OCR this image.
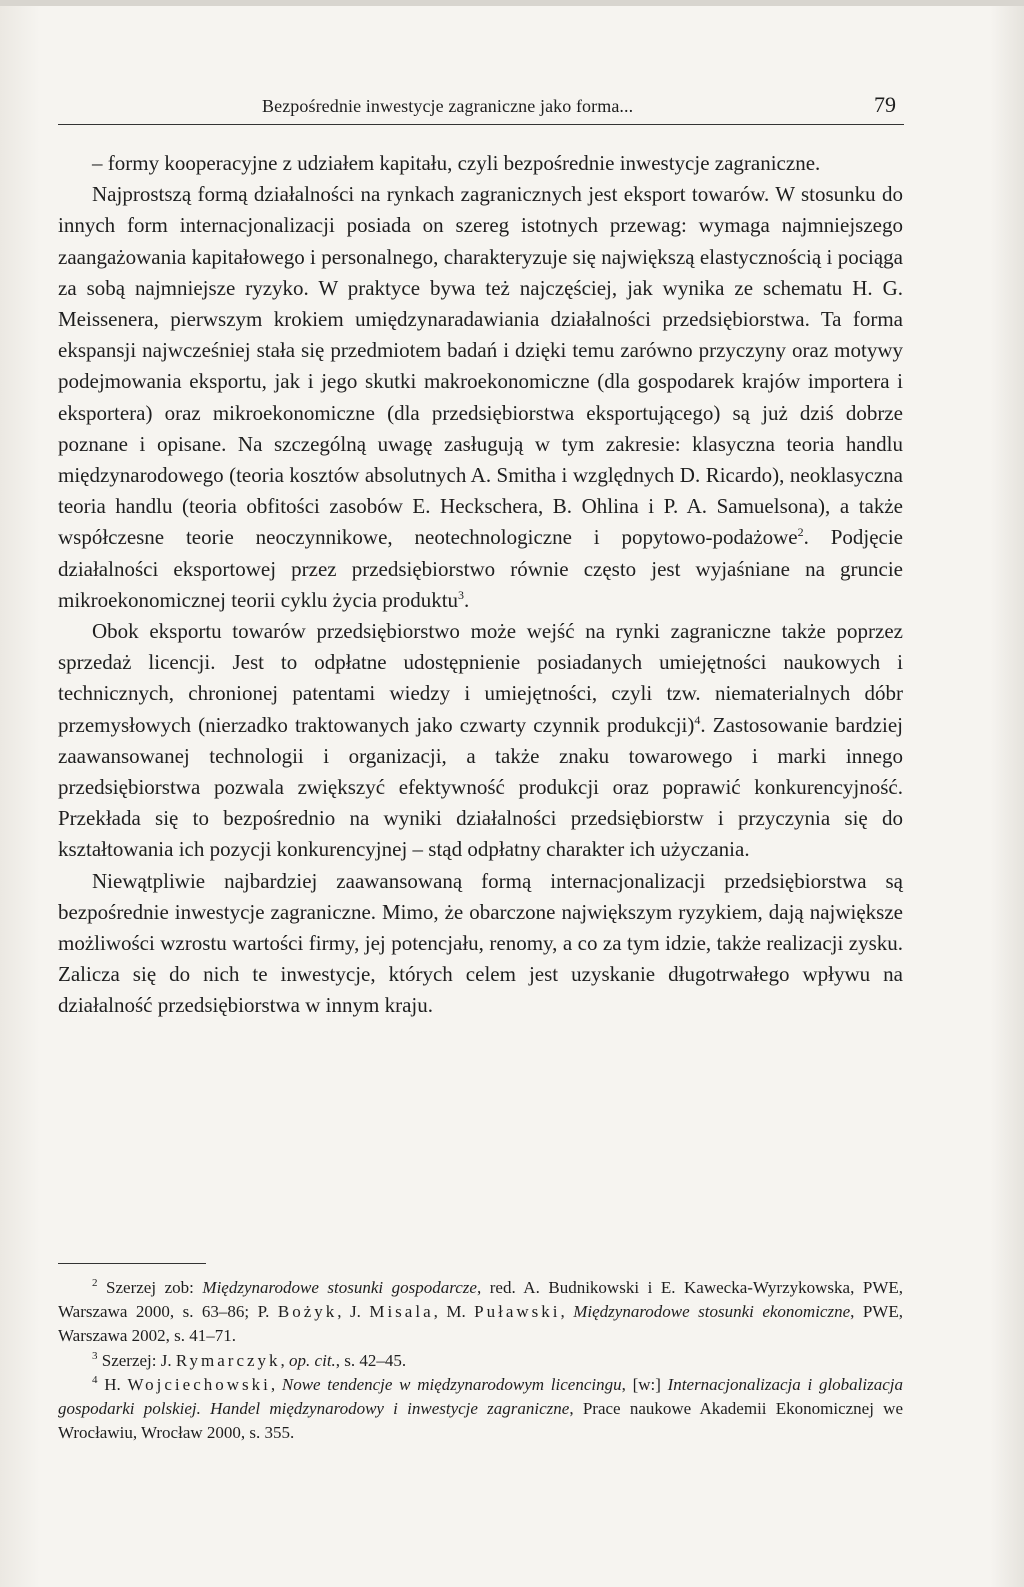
Bezpośrednie inwestycje zagraniczne jako forma...	79

– formy kooperacyjne z udziałem kapitału, czyli bezpośrednie inwestycje zagraniczne.

Najprostszą formą działalności na rynkach zagranicznych jest eksport towarów. W stosunku do innych form internacjonalizacji posiada on szereg istotnych przewag: wymaga najmniejszego zaangażowania kapitałowego i personalnego, charakteryzuje się największą elastycznością i pociąga za sobą najmniejsze ryzyko. W praktyce bywa też najczęściej, jak wynika ze schematu H. G. Meissenera, pierwszym krokiem umiędzynaradawiania działalności przedsiębiorstwa. Ta forma ekspansji najwcześniej stała się przedmiotem badań i dzięki temu zarówno przyczyny oraz motywy podejmowania eksportu, jak i jego skutki makroekonomiczne (dla gospodarek krajów importera i eksportera) oraz mikroekonomiczne (dla przedsiębiorstwa eksportującego) są już dziś dobrze poznane i opisane. Na szczególną uwagę zasługują w tym zakresie: klasyczna teoria handlu międzynarodowego (teoria kosztów absolutnych A. Smitha i względnych D. Ricardo), neoklasyczna teoria handlu (teoria obfitości zasobów E. Heckschera, B. Ohlina i P. A. Samuelsona), a także współczesne teorie neoczynnikowe, neotechnologiczne i popytowo-podażowe$^2$. Podjęcie działalności eksportowej przez przedsiębiorstwo równie często jest wyjaśniane na gruncie mikroekonomicznej teorii cyklu życia produktu$^3$.

Obok eksportu towarów przedsiębiorstwo może wejść na rynki zagraniczne także poprzez sprzedaż licencji. Jest to odpłatne udostępnienie posiadanych umiejętności naukowych i technicznych, chronionej patentami wiedzy i umiejętności, czyli tzw. niematerialnych dóbr przemysłowych (nierzadko traktowanych jako czwarty czynnik produkcji)$^4$. Zastosowanie bardziej zaawansowanej technologii i organizacji, a także znaku towarowego i marki innego przedsiębiorstwa pozwala zwiększyć efektywność produkcji oraz poprawić konkurencyjność. Przekłada się to bezpośrednio na wyniki działalności przedsiębiorstw i przyczynia się do kształtowania ich pozycji konkurencyjnej – stąd odpłatny charakter ich użyczania.

Niewątpliwie najbardziej zaawansowaną formą internacjonalizacji przedsiębiorstwa są bezpośrednie inwestycje zagraniczne. Mimo, że obarczone największym ryzykiem, dają największe możliwości wzrostu wartości firmy, jej potencjału, renomy, a co za tym idzie, także realizacji zysku. Zalicza się do nich te inwestycje, których celem jest uzyskanie długotrwałego wpływu na działalność przedsiębiorstwa w innym kraju.

$^2$ Szerzej zob: Międzynarodowe stosunki gospodarcze, red. A. Budnikowski i E. Kawecka-Wyrzykowska, PWE, Warszawa 2000, s. 63–86; P. Bożyk, J. Misala, M. Puławski, Międzynarodowe stosunki ekonomiczne, PWE, Warszawa 2002, s. 41–71.

$^3$ Szerzej: J. Rymarczyk, op. cit., s. 42–45.

$^4$ H. Wojciechowski, Nowe tendencje w międzynarodowym licencingu, [w:] Internacjonalizacja i globalizacja gospodarki polskiej. Handel międzynarodowy i inwestycje zagraniczne, Prace naukowe Akademii Ekonomicznej we Wrocławiu, Wrocław 2000, s. 355.
